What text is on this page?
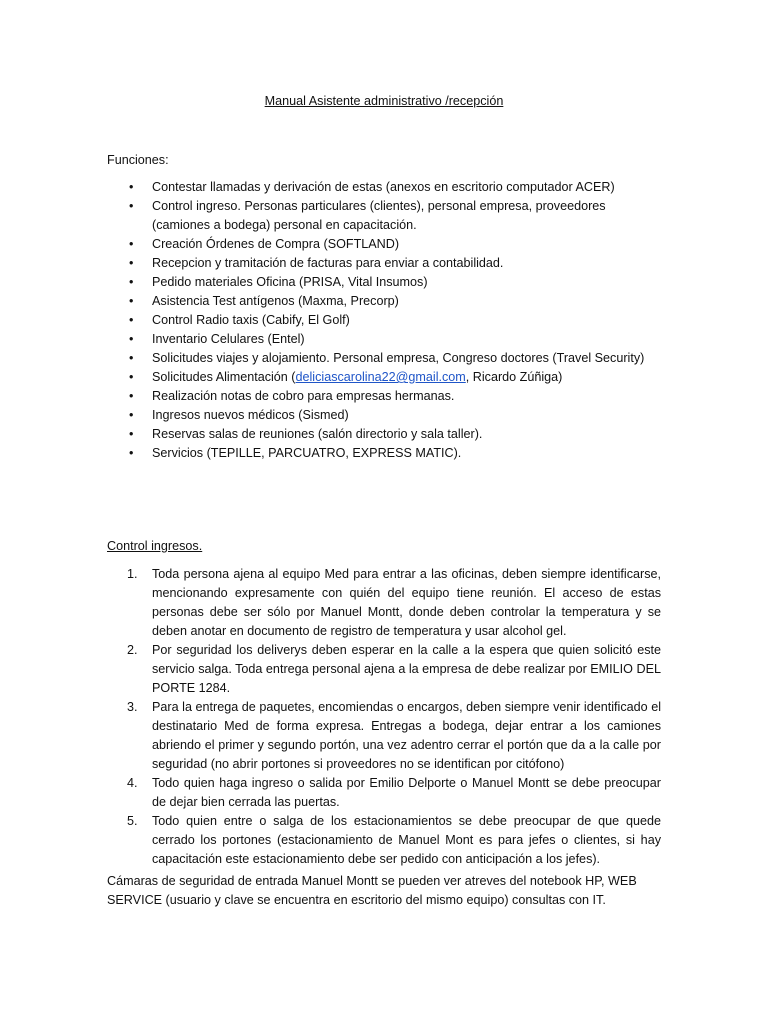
Manual Asistente administrativo /recepción

Funciones:

• Contestar llamadas y derivación de estas (anexos en escritorio computador ACER)
• Control ingreso. Personas particulares (clientes), personal empresa, proveedores (camiones a bodega) personal en capacitación.
• Creación Órdenes de Compra (SOFTLAND)
• Recepcion y tramitación de facturas para enviar a contabilidad.
• Pedido materiales Oficina (PRISA, Vital Insumos)
• Asistencia Test antígenos (Maxma, Precorp)
• Control Radio taxis (Cabify, El Golf)
• Inventario Celulares (Entel)
• Solicitudes viajes y alojamiento. Personal empresa, Congreso doctores (Travel Security)
• Solicitudes Alimentación (deliciascarolina22@gmail.com, Ricardo Zúñiga)
• Realización notas de cobro para empresas hermanas.
• Ingresos nuevos médicos (Sismed)
• Reservas salas de reuniones (salón directorio y sala taller).
• Servicios (TEPILLE, PARCUATRO, EXPRESS MATIC).

Control ingresos.

1. Toda persona ajena al equipo Med para entrar a las oficinas, deben siempre identificarse, mencionando expresamente con quién del equipo tiene reunión. El acceso de estas personas debe ser sólo por Manuel Montt, donde deben controlar la temperatura y se deben anotar en documento de registro de temperatura y usar alcohol gel.
2. Por seguridad los deliverys deben esperar en la calle a la espera que quien solicitó este servicio salga. Toda entrega personal ajena a la empresa de debe realizar por EMILIO DEL PORTE 1284.
3. Para la entrega de paquetes, encomiendas o encargos, deben siempre venir identificado el destinatario Med de forma expresa. Entregas a bodega, dejar entrar a los camiones abriendo el primer y segundo portón, una vez adentro cerrar el portón que da a la calle por seguridad (no abrir portones si proveedores no se identifican por citófono)
4. Todo quien haga ingreso o salida por Emilio Delporte o Manuel Montt se debe preocupar de dejar bien cerrada las puertas.
5. Todo quien entre o salga de los estacionamientos se debe preocupar de que quede cerrado los portones (estacionamiento de Manuel Mont es para jefes o clientes, si hay capacitación este estacionamiento debe ser pedido con anticipación a los jefes).

Cámaras de seguridad de entrada Manuel Montt se pueden ver atreves del notebook HP, WEB SERVICE (usuario y clave se encuentra en escritorio del mismo equipo) consultas con IT.
